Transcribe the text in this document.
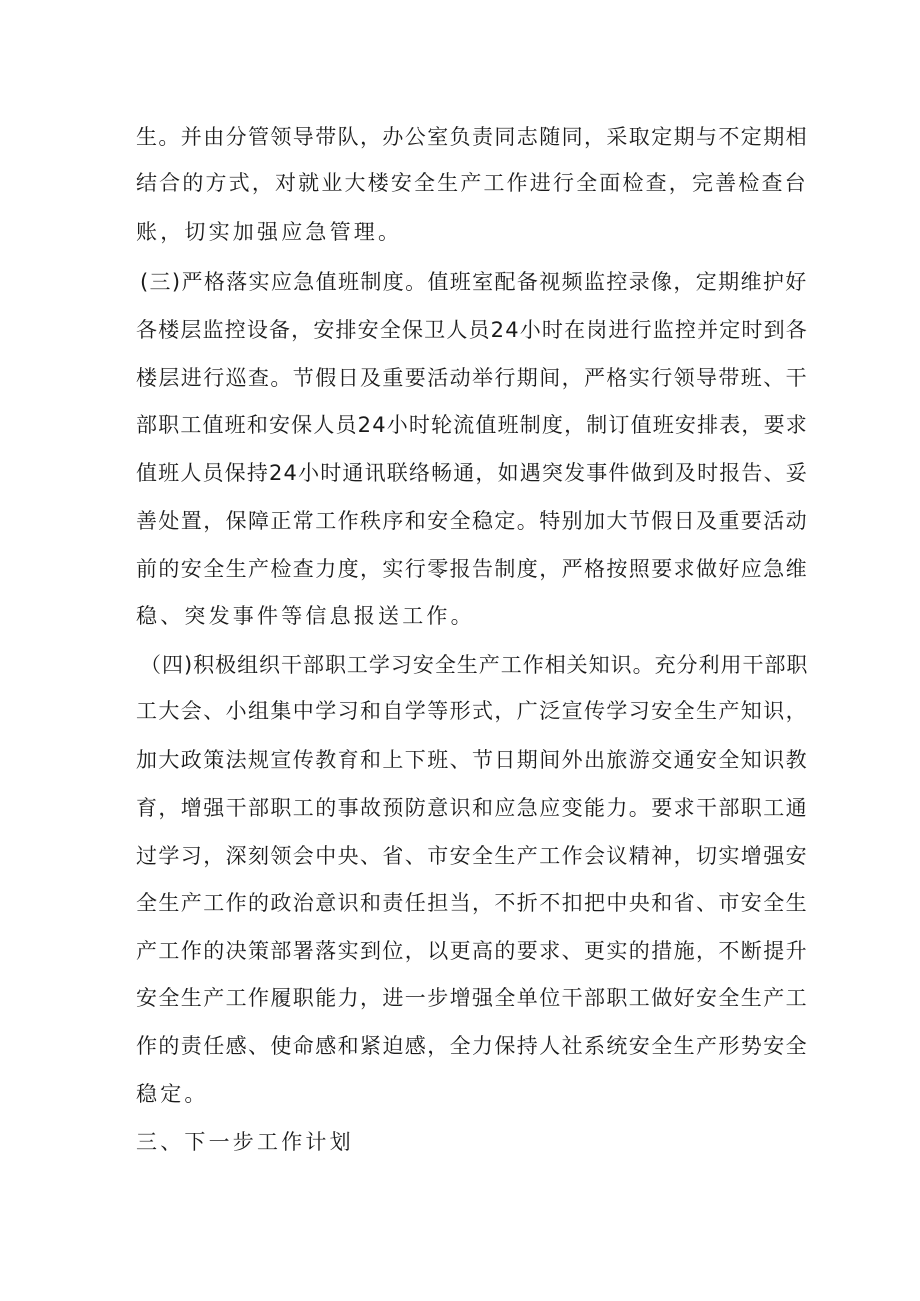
生。并由分管领导带队，办公室负责同志随同，采取定期与不定期相
结合的方式，对就业大楼安全生产工作进行全面检查，完善检查台
账，切实加强应急管理。
(三)严格落实应急值班制度。值班室配备视频监控录像，定期维护好
各楼层监控设备，安排安全保卫人员24小时在岗进行监控并定时到各
楼层进行巡查。节假日及重要活动举行期间，严格实行领导带班、干
部职工值班和安保人员24小时轮流值班制度，制订值班安排表，要求
值班人员保持24小时通讯联络畅通，如遇突发事件做到及时报告、妥
善处置，保障正常工作秩序和安全稳定。特别加大节假日及重要活动
前的安全生产检查力度，实行零报告制度，严格按照要求做好应急维
稳、突发事件等信息报送工作。
（四)积极组织干部职工学习安全生产工作相关知识。充分利用干部职
工大会、小组集中学习和自学等形式，广泛宣传学习安全生产知识，
加大政策法规宣传教育和上下班、节日期间外出旅游交通安全知识教
育，增强干部职工的事故预防意识和应急应变能力。要求干部职工通
过学习，深刻领会中央、省、市安全生产工作会议精神，切实增强安
全生产工作的政治意识和责任担当，不折不扣把中央和省、市安全生
产工作的决策部署落实到位，以更高的要求、更实的措施，不断提升
安全生产工作履职能力，进一步增强全单位干部职工做好安全生产工
作的责任感、使命感和紧迫感，全力保持人社系统安全生产形势安全
稳定。
三、下一步工作计划
